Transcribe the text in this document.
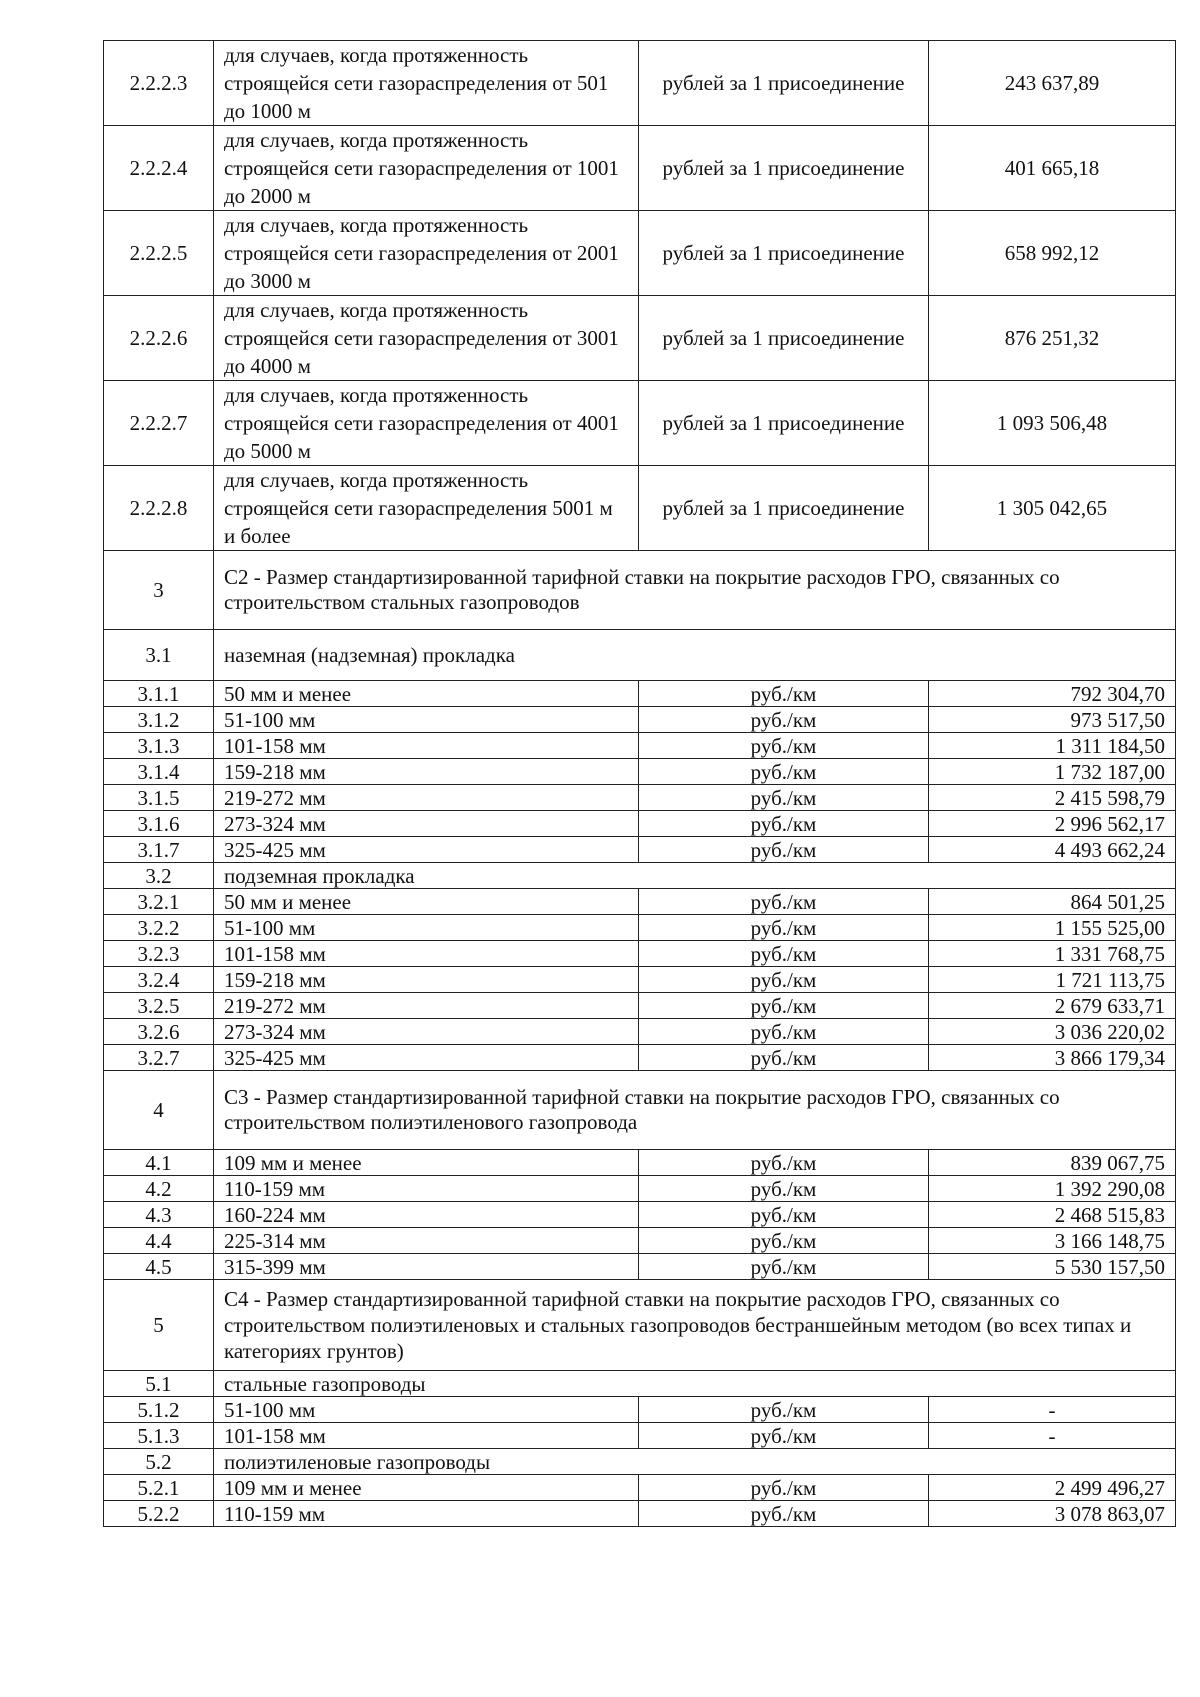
2.2.2.3	для случаев, когда протяженность строящейся сети газораспределения от 501 до 1000 м	рублей за 1 присоединение	243 637,89
2.2.2.4	для случаев, когда протяженность строящейся сети газораспределения от 1001 до 2000 м	рублей за 1 присоединение	401 665,18
2.2.2.5	для случаев, когда протяженность строящейся сети газораспределения от 2001 до 3000 м	рублей за 1 присоединение	658 992,12
2.2.2.6	для случаев, когда протяженность строящейся сети газораспределения от 3001 до 4000 м	рублей за 1 присоединение	876 251,32
2.2.2.7	для случаев, когда протяженность строящейся сети газораспределения от 4001 до 5000 м	рублей за 1 присоединение	1 093 506,48
2.2.2.8	для случаев, когда протяженность строящейся сети газораспределения 5001 м и более	рублей за 1 присоединение	1 305 042,65
3	С2 - Размер стандартизированной тарифной ставки на покрытие расходов ГРО, связанных со строительством стальных газопроводов		
3.1	наземная (надземная) прокладка		
3.1.1	50 мм и менее	руб./км	792 304,70
3.1.2	51-100 мм	руб./км	973 517,50
3.1.3	101-158 мм	руб./км	1 311 184,50
3.1.4	159-218 мм	руб./км	1 732 187,00
3.1.5	219-272 мм	руб./км	2 415 598,79
3.1.6	273-324 мм	руб./км	2 996 562,17
3.1.7	325-425 мм	руб./км	4 493 662,24
3.2	подземная прокладка		
3.2.1	50 мм и менее	руб./км	864 501,25
3.2.2	51-100 мм	руб./км	1 155 525,00
3.2.3	101-158 мм	руб./км	1 331 768,75
3.2.4	159-218 мм	руб./км	1 721 113,75
3.2.5	219-272 мм	руб./км	2 679 633,71
3.2.6	273-324 мм	руб./км	3 036 220,02
3.2.7	325-425 мм	руб./км	3 866 179,34
4	С3 - Размер стандартизированной тарифной ставки на покрытие расходов ГРО, связанных со строительством полиэтиленового газопровода		
4.1	109 мм и менее	руб./км	839 067,75
4.2	110-159 мм	руб./км	1 392 290,08
4.3	160-224 мм	руб./км	2 468 515,83
4.4	225-314 мм	руб./км	3 166 148,75
4.5	315-399 мм	руб./км	5 530 157,50
5	С4 - Размер стандартизированной тарифной ставки на покрытие расходов ГРО, связанных со строительством полиэтиленовых и стальных газопроводов бестраншейным методом (во всех типах и категориях грунтов)		
5.1	стальные газопроводы		
5.1.2	51-100 мм	руб./км	-
5.1.3	101-158 мм	руб./км	-
5.2	полиэтиленовые газопроводы		
5.2.1	109 мм и менее	руб./км	2 499 496,27
5.2.2	110-159 мм	руб./км	3 078 863,07
